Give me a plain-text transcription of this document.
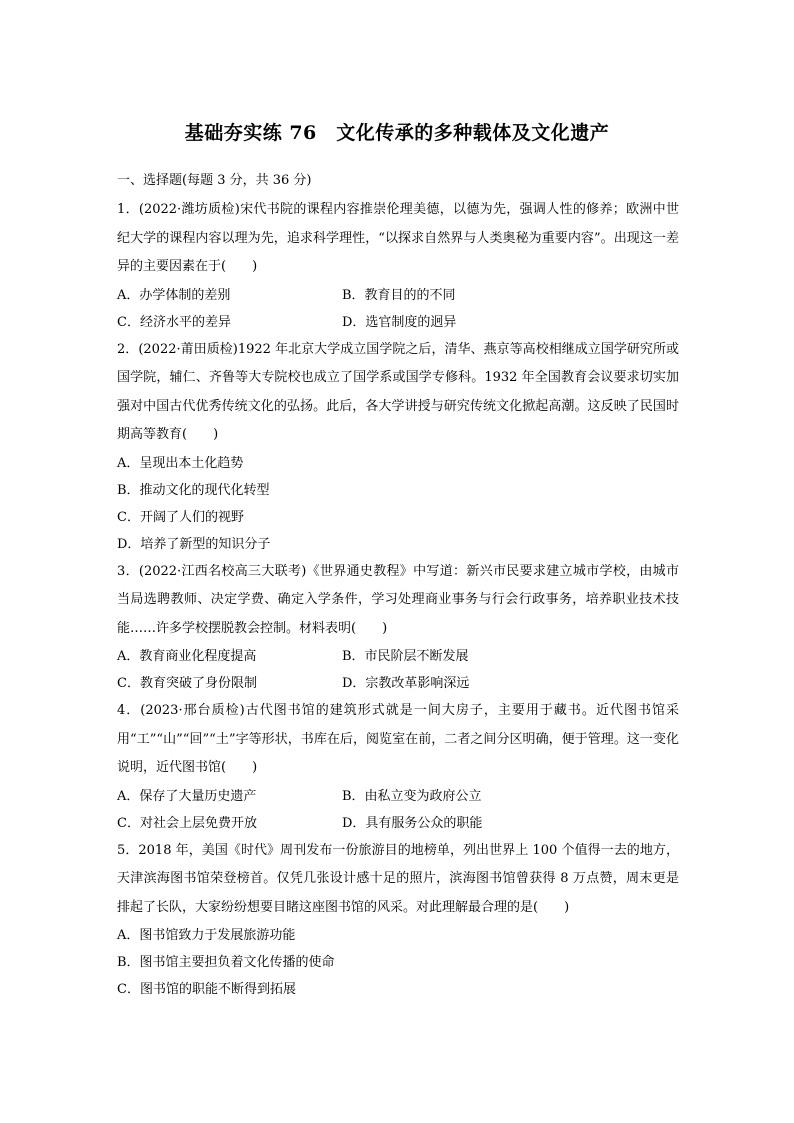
基础夯实练 76　文化传承的多种载体及文化遗产

一、选择题(每题 3 分，共 36 分)

1．(2022·潍坊质检)宋代书院的课程内容推崇伦理美德，以德为先，强调人性的修养；欧洲中世纪大学的课程内容以理为先，追求科学理性，“以探求自然界与人类奥秘为重要内容”。出现这一差异的主要因素在于(　　)

A．办学体制的差别	B．教育目的的不同
C．经济水平的差异	D．选官制度的迥异

2．(2022·莆田质检)1922 年北京大学成立国学院之后，清华、燕京等高校相继成立国学研究所或国学院，辅仁、齐鲁等大专院校也成立了国学系或国学专修科。1932 年全国教育会议要求切实加强对中国古代优秀传统文化的弘扬。此后，各大学讲授与研究传统文化掀起高潮。这反映了民国时期高等教育(　　)

A．呈现出本土化趋势
B．推动文化的现代化转型
C．开阔了人们的视野
D．培养了新型的知识分子

3．(2022·江西名校高三大联考)《世界通史教程》中写道：新兴市民要求建立城市学校，由城市当局选聘教师、决定学费、确定入学条件，学习处理商业事务与行会行政事务，培养职业技术技能……许多学校摆脱教会控制。材料表明(　　)

A．教育商业化程度提高	B．市民阶层不断发展
C．教育突破了身份限制	D．宗教改革影响深远

4．(2023·邢台质检)古代图书馆的建筑形式就是一间大房子，主要用于藏书。近代图书馆采用“工”“山”“回”“土”字等形状，书库在后，阅览室在前，二者之间分区明确，便于管理。这一变化说明，近代图书馆(　　)

A．保存了大量历史遗产	B．由私立变为政府公立
C．对社会上层免费开放	D．具有服务公众的职能

5．2018 年，美国《时代》周刊发布一份旅游目的地榜单，列出世界上 100 个值得一去的地方，天津滨海图书馆荣登榜首。仅凭几张设计感十足的照片，滨海图书馆曾获得 8 万点赞，周末更是排起了长队，大家纷纷想要目睹这座图书馆的风采。对此理解最合理的是(　　)

A．图书馆致力于发展旅游功能
B．图书馆主要担负着文化传播的使命
C．图书馆的职能不断得到拓展
